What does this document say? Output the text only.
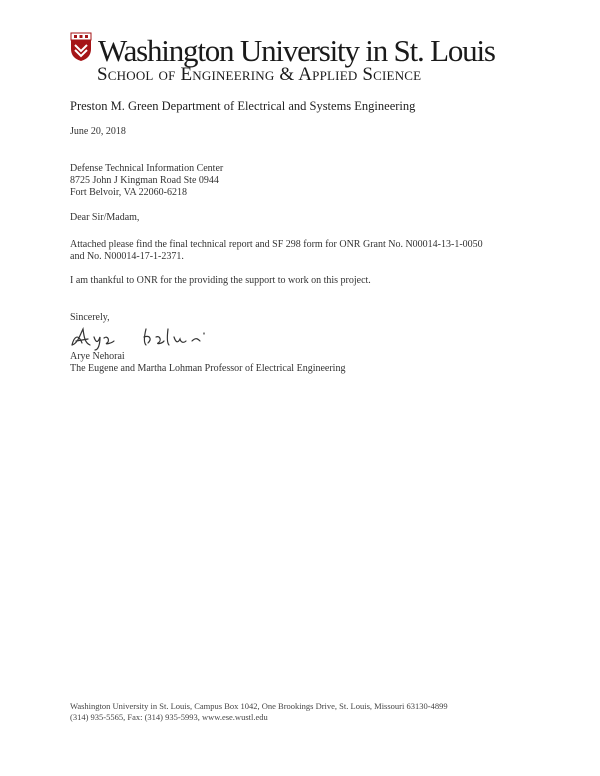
Washington University in St. Louis
School of Engineering & Applied Science
Preston M. Green Department of Electrical and Systems Engineering
June 20, 2018
Defense Technical Information Center
8725 John J Kingman Road Ste 0944
Fort Belvoir, VA 22060-6218
Dear Sir/Madam,
Attached please find the final technical report and SF 298 form for ONR Grant No. N00014-13-1-0050
and No. N00014-17-1-2371.
I am thankful to ONR for the providing the support to work on this project.
Sincerely,
Arye Nehorai
The Eugene and Martha Lohman Professor of Electrical Engineering
Washington University in St. Louis, Campus Box 1042, One Brookings Drive, St. Louis, Missouri 63130-4899
(314) 935-5565, Fax: (314) 935-5993, www.ese.wustl.edu
